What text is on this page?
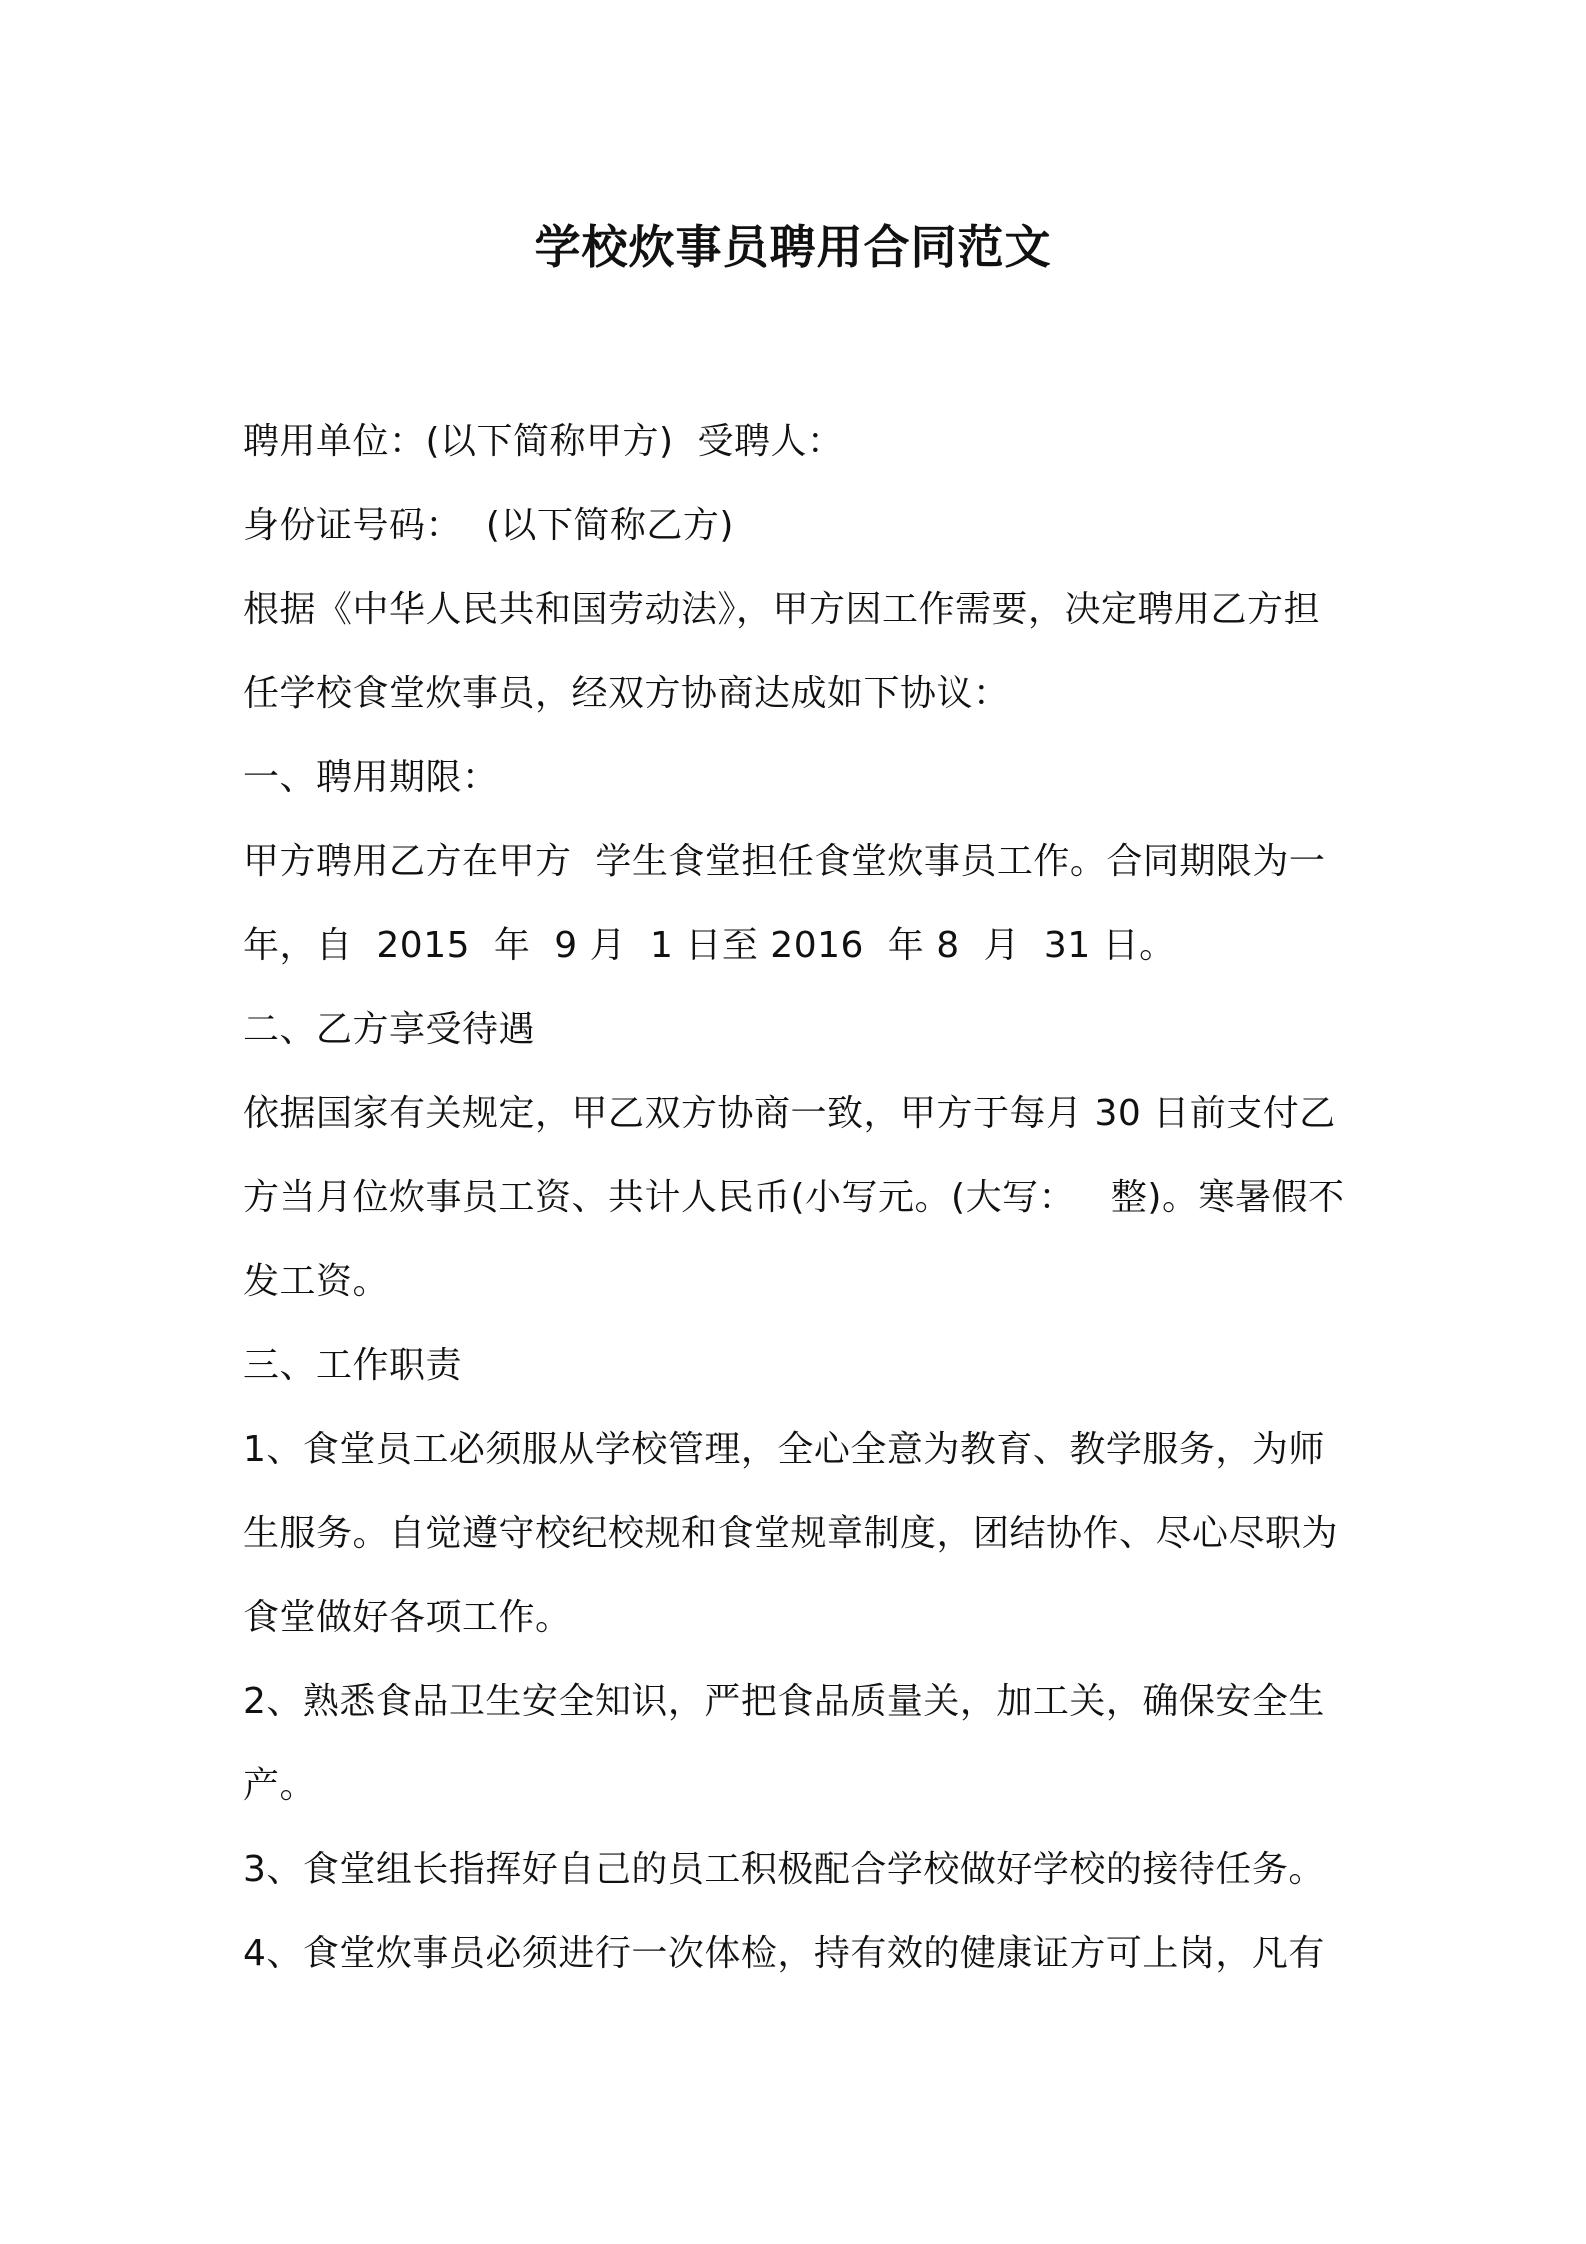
学校炊事员聘用合同范文

聘用单位：(以下简称甲方)  受聘人：

身份证号码：  (以下简称乙方)

根据《中华人民共和国劳动法》，甲方因工作需要，决定聘用乙方担

任学校食堂炊事员，经双方协商达成如下协议：

一、聘用期限：

甲方聘用乙方在甲方  学生食堂担任食堂炊事员工作。合同期限为一

年，自  2015  年  9 月  1 日至 2016  年 8  月  31 日。

二、乙方享受待遇

依据国家有关规定，甲乙双方协商一致，甲方于每月 30 日前支付乙

方当月位炊事员工资、共计人民币(小写元。(大写：   整)。寒暑假不

发工资。

三、工作职责

1、食堂员工必须服从学校管理，全心全意为教育、教学服务，为师

生服务。自觉遵守校纪校规和食堂规章制度，团结协作、尽心尽职为

食堂做好各项工作。

2、熟悉食品卫生安全知识，严把食品质量关，加工关，确保安全生

产。

3、食堂组长指挥好自己的员工积极配合学校做好学校的接待任务。

4、食堂炊事员必须进行一次体检，持有效的健康证方可上岗，凡有
